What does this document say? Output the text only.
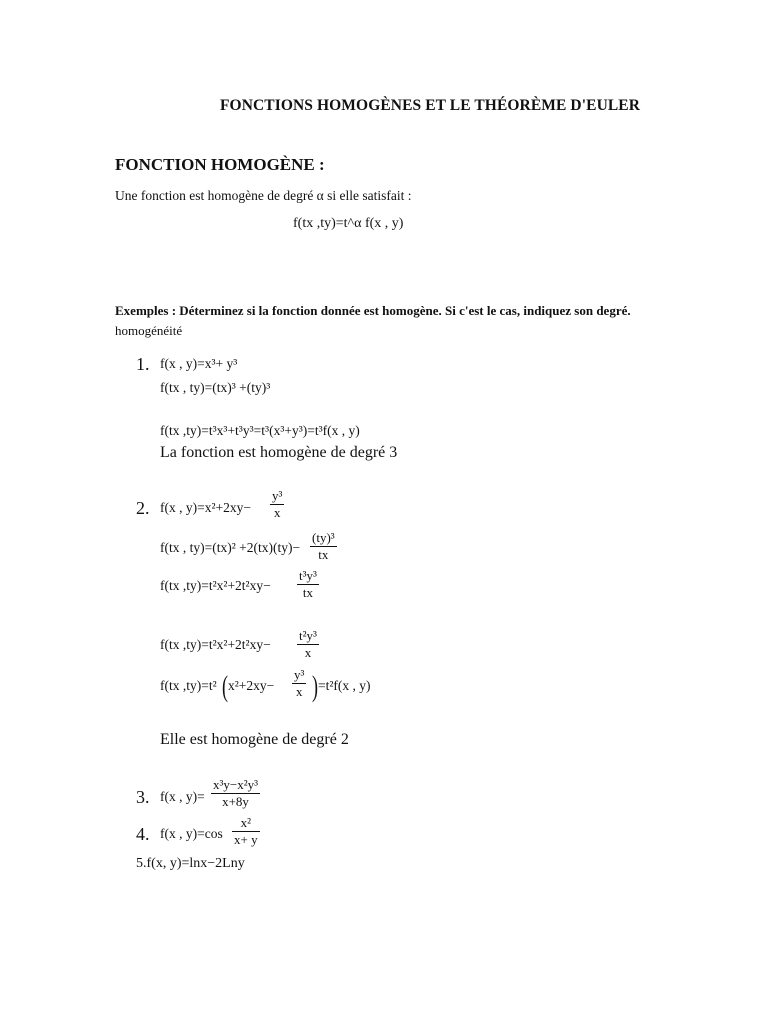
FONCTIONS HOMOGÈNES ET LE THÉORÈME D'EULER
FONCTION HOMOGÈNE :
Une fonction est homogène de degré α si elle satisfait :
f(tx ,ty)=t^α f(x , y)
Exemples : Déterminez si la fonction donnée est homogène. Si c'est le cas, indiquez son degré.
homogénéité
1. f(x , y)=x³+ y³
f(tx , ty)=(tx)³ +(ty)³
f(tx ,ty)=t³x³+t³y³=t³(x³+y³)=t³f(x , y)
La fonction est homogène de degré 3
2. f(x , $y)=x^2+2xy- \frac{\text{y³}}{x}$
f(tx , $ty)=(tx)^2 +2(tx)(ty)- \frac{\text{(ty)³}}{tx}$
f(tx $,ty)=t^2x^2+2t^2xy- \frac{\text{t³y³}}{tx}$
f(tx $,ty)=t^2x^2+2t^2xy- \frac{\text{t²y³}}{x}$
f(tx ,ty)=t² ( $x^2+2xy- \frac{\text{y³}}{x}$ ) =t²f(x , y)
Elle est homogène de degré 2
3. f(x , $y)= \frac{\text{x³y−x²y³}}{x+8y}$
4. f(x , $y)=\cos \frac{\text{x²}}{x+ y}$
5.f(x, y)=lnx−2Lny
